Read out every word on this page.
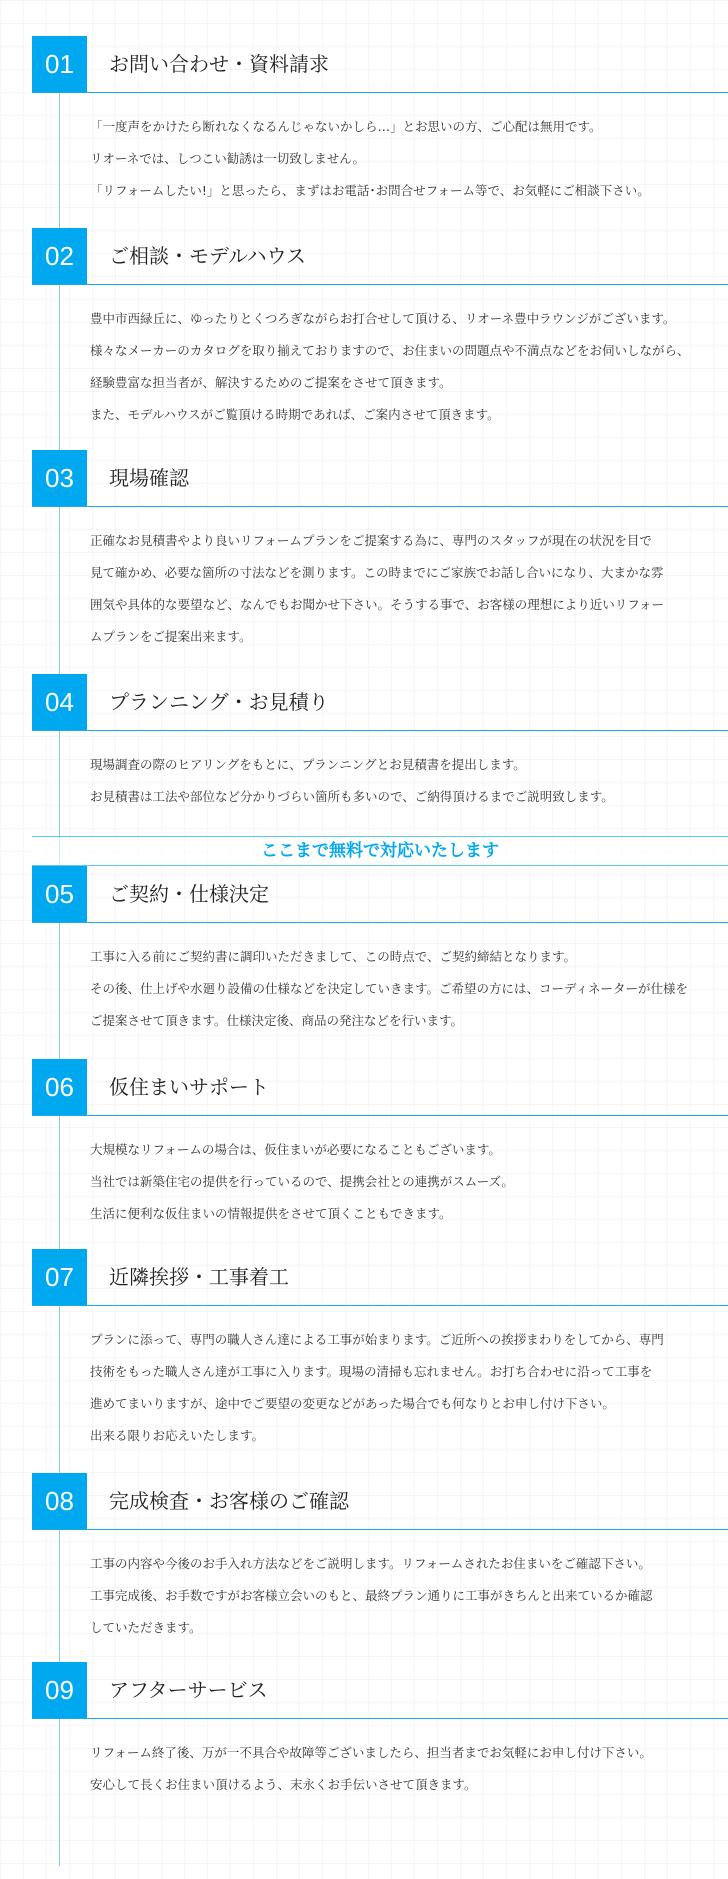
01	お問い合わせ・資料請求
「一度声をかけたら断れなくなるんじゃないかしら…」とお思いの方、ご心配は無用です。
リオーネでは、しつこい勧誘は一切致しません。
「リフォームしたい!」と思ったら、まずはお電話･お問合せフォーム等で、お気軽にご相談下さい。
02	ご相談・モデルハウス
豊中市西緑丘に、ゆったりとくつろぎながらお打合せして頂ける、リオーネ豊中ラウンジがございます。
様々なメーカーのカタログを取り揃えておりますので、お住まいの問題点や不満点などをお伺いしながら、
経験豊富な担当者が、解決するためのご提案をさせて頂きます。
また、モデルハウスがご覧頂ける時期であれば、ご案内させて頂きます。
03	現場確認
正確なお見積書やより良いリフォームプランをご提案する為に、専門のスタッフが現在の状況を目で
見て確かめ、必要な箇所の寸法などを測ります。この時までにご家族でお話し合いになり、大まかな雰
囲気や具体的な要望など、なんでもお聞かせ下さい。そうする事で、お客様の理想により近いリフォー
ムプランをご提案出来ます。
04	プランニング・お見積り
現場調査の際のヒアリングをもとに、プランニングとお見積書を提出します。
お見積書は工法や部位など分かりづらい箇所も多いので、ご納得頂けるまでご説明致します。
ここまで無料で対応いたします
05	ご契約・仕様決定
工事に入る前にご契約書に調印いただきまして、この時点で、ご契約締結となります。
その後、仕上げや水廻り設備の仕様などを決定していきます。ご希望の方には、コーディネーターが仕様を
ご提案させて頂きます。仕様決定後、商品の発注などを行います。
06	仮住まいサポート
大規模なリフォームの場合は、仮住まいが必要になることもございます。
当社では新築住宅の提供を行っているので、提携会社との連携がスムーズ。
生活に便利な仮住まいの情報提供をさせて頂くこともできます。
07	近隣挨拶・工事着工
プランに添って、専門の職人さん達による工事が始まります。ご近所への挨拶まわりをしてから、専門
技術をもった職人さん達が工事に入ります。現場の清掃も忘れません。お打ち合わせに沿って工事を
進めてまいりますが、途中でご要望の変更などがあった場合でも何なりとお申し付け下さい。
出来る限りお応えいたします。
08	完成検査・お客様のご確認
工事の内容や今後のお手入れ方法などをご説明します。リフォームされたお住まいをご確認下さい。
工事完成後、お手数ですがお客様立会いのもと、最終プラン通りに工事がきちんと出来ているか確認
していただきます。
09	アフターサービス
リフォーム終了後、万が一不具合や故障等ございましたら、担当者までお気軽にお申し付け下さい。
安心して長くお住まい頂けるよう、末永くお手伝いさせて頂きます。
